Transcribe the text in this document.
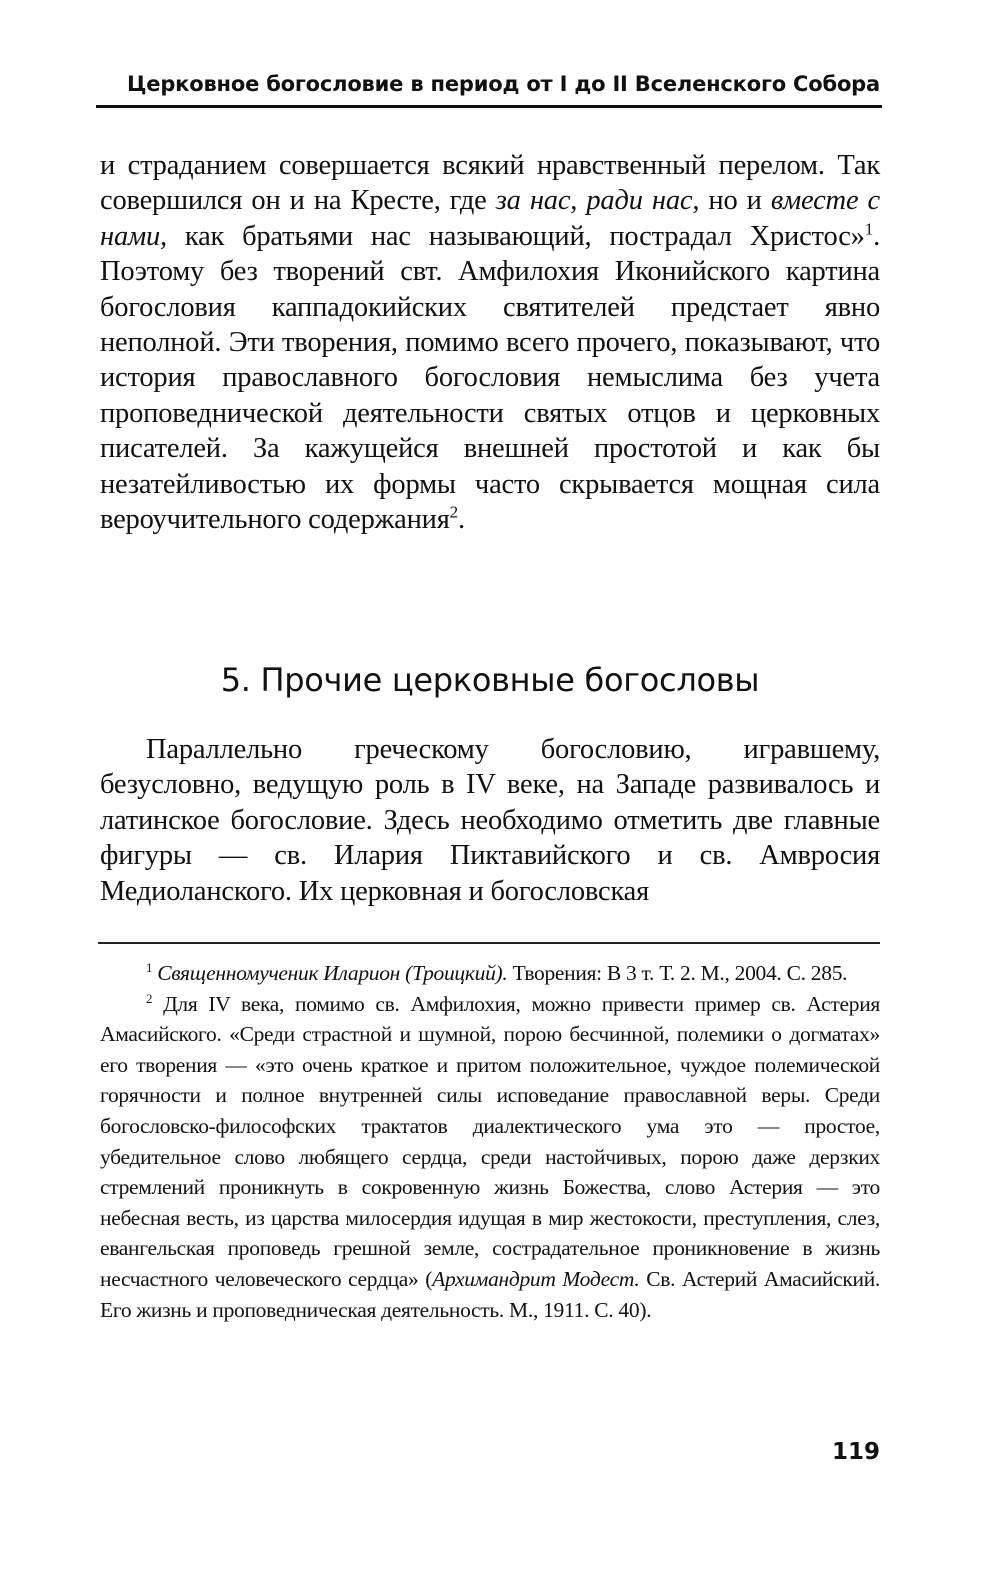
Церковное богословие в период от I до II Вселенского Собора

и страданием совершается всякий нравственный перелом. Так совершился он и на Кресте, где за нас, ради нас, но и вместе с нами, как братьями нас называющий, пострадал Христос»$^1$. Поэтому без творений свт. Амфилохия Иконийского картина богословия каппадокийских святителей предстает явно неполной. Эти творения, помимо всего прочего, показывают, что история православного богословия немыслима без учета проповеднической деятельности святых отцов и церковных писателей. За кажущейся внешней простотой и как бы незатейливостью их формы часто скрывается мощная сила вероучительного содержания$^2$.

5. Прочие церковные богословы

Параллельно греческому богословию, игравшему, безусловно, ведущую роль в IV веке, на Западе развивалось и латинское богословие. Здесь необходимо отметить две главные фигуры — св. Илария Пиктавийского и св. Амвросия Медиоланского. Их церковная и богословская

$^1$ Священномученик Иларион (Троицкий). Творения: В 3 т. Т. 2. М., 2004. С. 285.

$^2$ Для IV века, помимо св. Амфилохия, можно привести пример св. Астерия Амасийского. «Среди страстной и шумной, порою бесчинной, полемики о догматах» его творения — «это очень краткое и притом положительное, чуждое полемической горячности и полное внутренней силы исповедание православной веры. Среди богословско-философских трактатов диалектического ума это — простое, убедительное слово любящего сердца, среди настойчивых, порою даже дерзких стремлений проникнуть в сокровенную жизнь Божества, слово Астерия — это небесная весть, из царства милосердия идущая в мир жестокости, преступления, слез, евангельская проповедь грешной земле, сострадательное проникновение в жизнь несчастного человеческого сердца» (Архимандрит Модест. Св. Астерий Амасийский. Его жизнь и проповедническая деятельность. М., 1911. С. 40).

119
